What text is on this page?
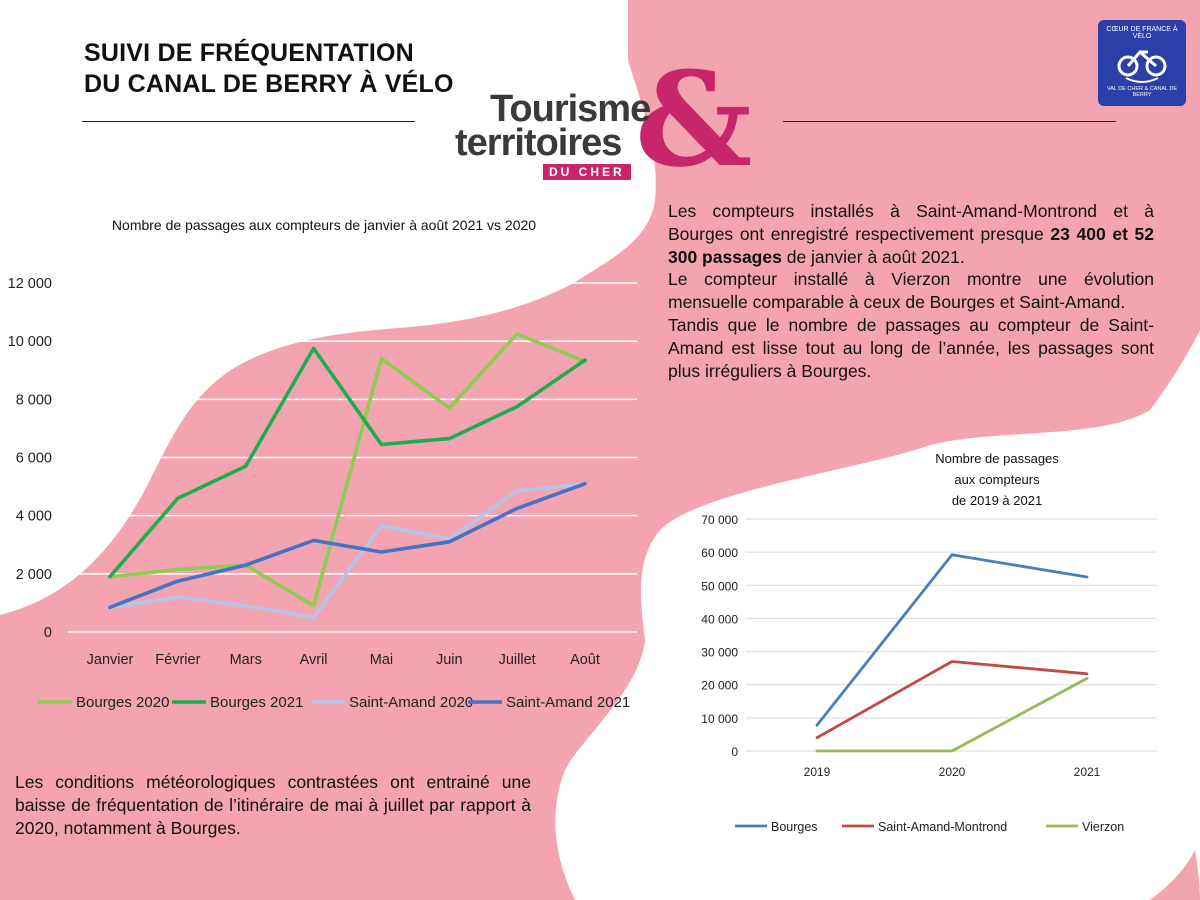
SUIVI DE FRÉQUENTATION
DU CANAL DE BERRY À VÉLO &
Tourisme
territoires
DU CHER
CŒUR DE FRANCE À VÉLO
VAL DE CHER & CANAL DE BERRY
Nombre de passages aux compteurs de janvier à août 2021 vs 2020
0
2 000
4 000
6 000
8 000
10 000
12 000
Janvier Février Mars	Avril	Mai	Juin Juillet Août
Bourges 2020	Bourges 2021	Saint-Amand 2020 Saint-Amand 2021
Nombre de passages
aux compteurs
de 2019 à 2021
0
10 000
20 000
30 000
40 000
50 000
60 000
70 000
2019	2020	2021
Bourges	Saint-Amand-Montrond	Vierzon
Les compteurs installés à Saint-Amand-Montrond et à Bourges ont enregistré respectivement presque 23 400 et 52 300 passages de janvier à août 2021.
Le compteur installé à Vierzon montre une évolution mensuelle comparable à ceux de Bourges et Saint-Amand.
Tandis que le nombre de passages au compteur de Saint-Amand est lisse tout au long de l’année, les passages sont plus irréguliers à Bourges.
Les conditions météorologiques contrastées ont entrainé une baisse de fréquentation de l’itinéraire de mai à juillet par rapport à 2020, notamment à Bourges.
